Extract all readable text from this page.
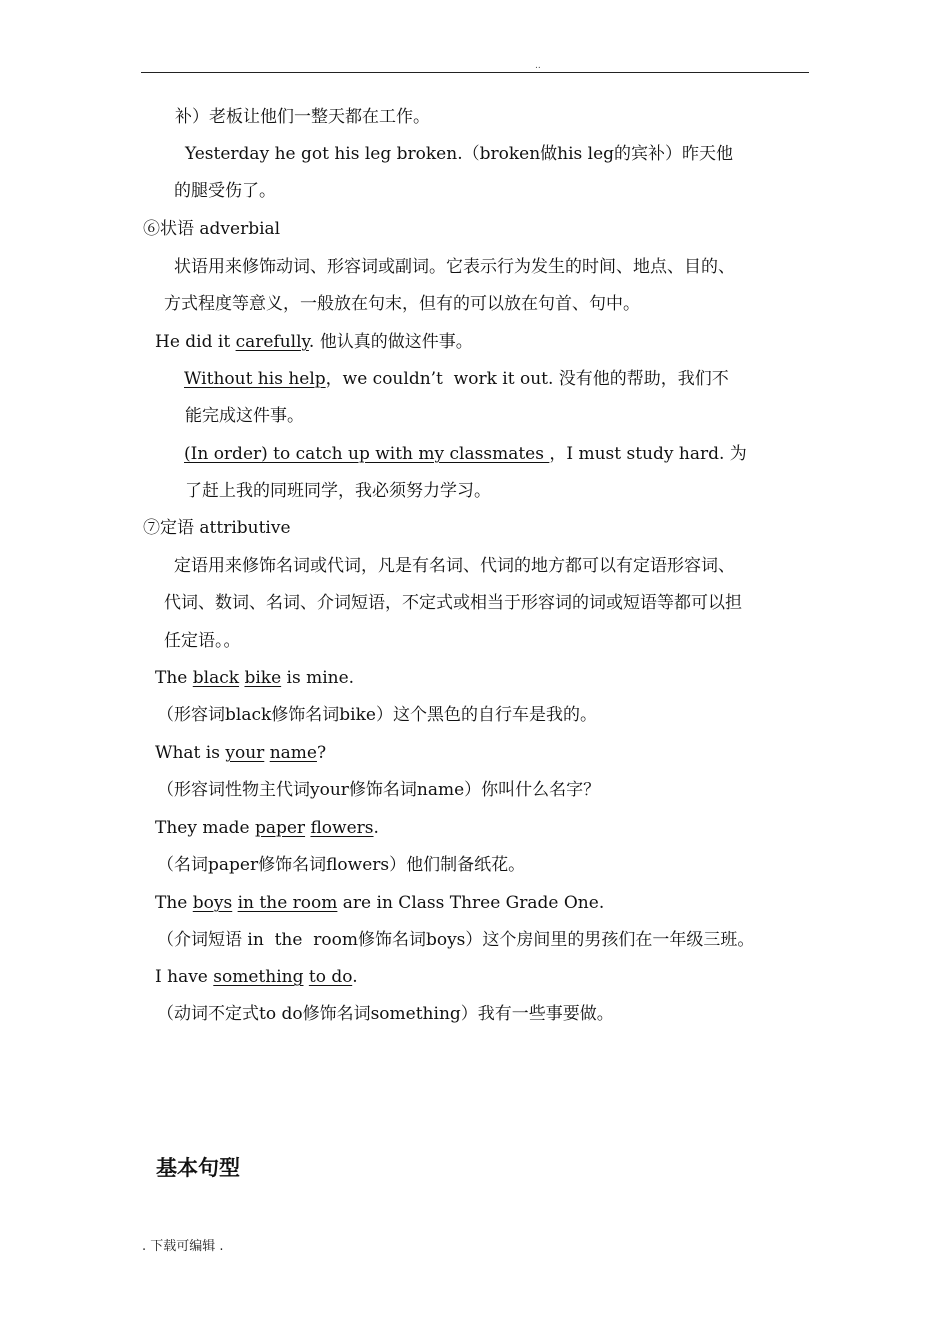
..
补）老板让他们一整天都在工作。
Yesterday he got his leg broken.（broken做his leg的宾补）昨天他
的腿受伤了。
⑥状语 adverbial
状语用来修饰动词、形容词或副词。它表示行为发生的时间、地点、目的、
方式程度等意义，一般放在句末，但有的可以放在句首、句中。
He did it carefully. 他认真的做这件事。
Without his help，we couldn’t  work it out. 没有他的帮助，我们不
能完成这件事。
(In order) to catch up with my classmates ，I must study hard. 为
了赶上我的同班同学，我必须努力学习。
⑦定语 attributive
定语用来修饰名词或代词，凡是有名词、代词的地方都可以有定语形容词、
代词、数词、名词、介词短语，不定式或相当于形容词的词或短语等都可以担
任定语。。
The black bike is mine.
（形容词black修饰名词bike）这个黑色的自行车是我的。
What is your name?
（形容词性物主代词your修饰名词name）你叫什么名字？
They made paper flowers.
（名词paper修饰名词flowers）他们制备纸花。
The boys in the room are in Class Three Grade One.
（介词短语 in  the  room修饰名词boys）这个房间里的男孩们在一年级三班。
I have something to do.
（动词不定式to do修饰名词something）我有一些事要做。
基本句型
. 下载可编辑 .
